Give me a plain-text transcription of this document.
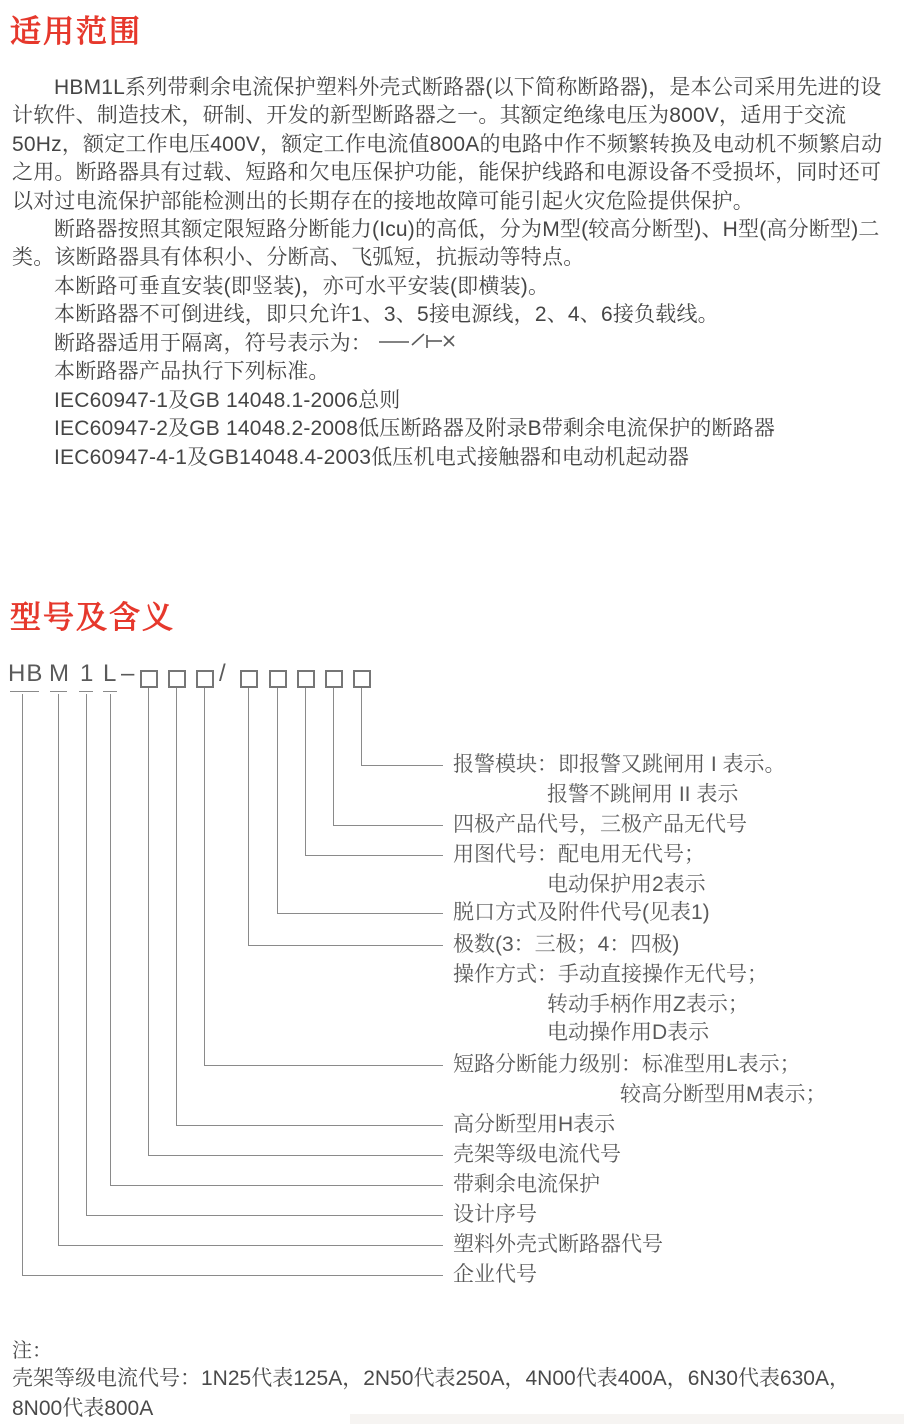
适用范围
HBM1L系列带剩余电流保护塑料外壳式断路器(以下简称断路器)，是本公司采用先进的设
计软件、制造技术，研制、开发的新型断路器之一。其额定绝缘电压为800V，适用于交流
50Hz，额定工作电压400V，额定工作电流值800A的电路中作不频繁转换及电动机不频繁启动
之用。断路器具有过载、短路和欠电压保护功能，能保护线路和电源设备不受损坏，同时还可
以对过电流保护部能检测出的长期存在的接地故障可能引起火灾危险提供保护。
断路器按照其额定限短路分断能力(Icu)的高低，分为M型(较高分断型)、H型(高分断型)二
类。该断路器具有体积小、分断高、飞弧短，抗振动等特点。
本断路可垂直安装(即竖装)，亦可水平安装(即横装)。
本断路器不可倒进线，即只允许1、3、5接电源线，2、4、6接负载线。
断路器适用于隔离，符号表示为：
本断路器产品执行下列标准。
IEC60947-1及GB 14048.1-2006总则
IEC60947-2及GB 14048.2-2008低压断路器及附录B带剩余电流保护的断路器
IEC60947-4-1及GB14048.4-2003低压机电式接触器和电动机起动器
型号及含义
HB M 1 L –	/
报警模块：即报警又跳闸用 I 表示。
报警不跳闸用 II 表示
四极产品代号，三极产品无代号
用图代号：配电用无代号；
电动保护用2表示
脱口方式及附件代号(见表1)
极数(3：三极；4：四极)
操作方式：手动直接操作无代号；
转动手柄作用Z表示；
电动操作用D表示
短路分断能力级别：标准型用L表示；
较高分断型用M表示；
高分断型用H表示
壳架等级电流代号
带剩余电流保护
设计序号
塑料外壳式断路器代号
企业代号
注：
壳架等级电流代号：1N25代表125A，2N50代表250A，4N00代表400A，6N30代表630A，
8N00代表800A
